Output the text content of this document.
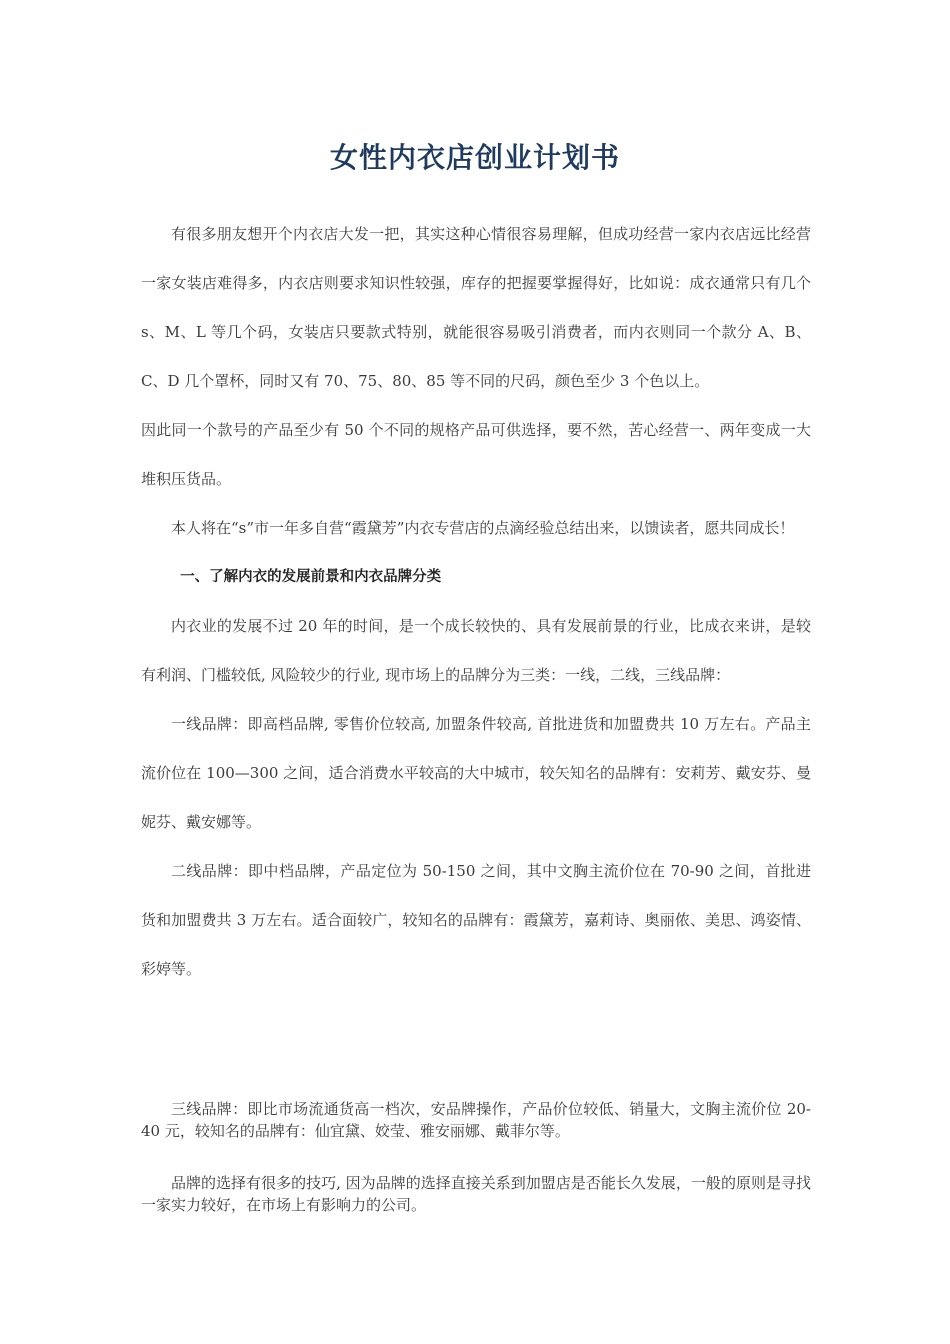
女性内衣店创业计划书

有很多朋友想开个内衣店大发一把，其实这种心情很容易理解，但成功经营一家内衣店远比经营一家女装店难得多，内衣店则要求知识性较强，库存的把握要掌握得好，比如说：成衣通常只有几个 s、M、L 等几个码，女装店只要款式特别，就能很容易吸引消费者，而内衣则同一个款分 A、B、C、D 几个罩杯，同时又有 70、75、80、85 等不同的尺码，颜色至少 3 个色以上。

因此同一个款号的产品至少有 50 个不同的规格产品可供选择，要不然，苦心经营一、两年变成一大堆积压货品。

本人将在“s”市一年多自营“霞黛芳”内衣专营店的点滴经验总结出来，以馈读者，愿共同成长！

一、了解内衣的发展前景和内衣品牌分类

内衣业的发展不过 20 年的时间，是一个成长较快的、具有发展前景的行业，比成衣来讲，是较有利润、门槛较低, 风险较少的行业, 现市场上的品牌分为三类：一线，二线，三线品牌：

一线品牌：即高档品牌, 零售价位较高, 加盟条件较高, 首批进货和加盟费共 10 万左右。产品主流价位在 100—300 之间，适合消费水平较高的大中城市，较矢知名的品牌有：安莉芳、戴安芬、曼妮芬、戴安娜等。

二线品牌：即中档品牌，产品定位为 50-150 之间，其中文胸主流价位在 70-90 之间，首批进货和加盟费共 3 万左右。适合面较广，较知名的品牌有：霞黛芳，嘉莉诗、奥丽侬、美思、鸿姿情、彩婷等。

三线品牌：即比市场流通货高一档次，安品牌操作，产品价位较低、销量大，文胸主流价位 20-40 元，较知名的品牌有：仙宜黛、姣莹、雅安丽娜、戴菲尔等。

品牌的选择有很多的技巧, 因为品牌的选择直接关系到加盟店是否能长久发展，一般的原则是寻找一家实力较好，在市场上有影响力的公司。
